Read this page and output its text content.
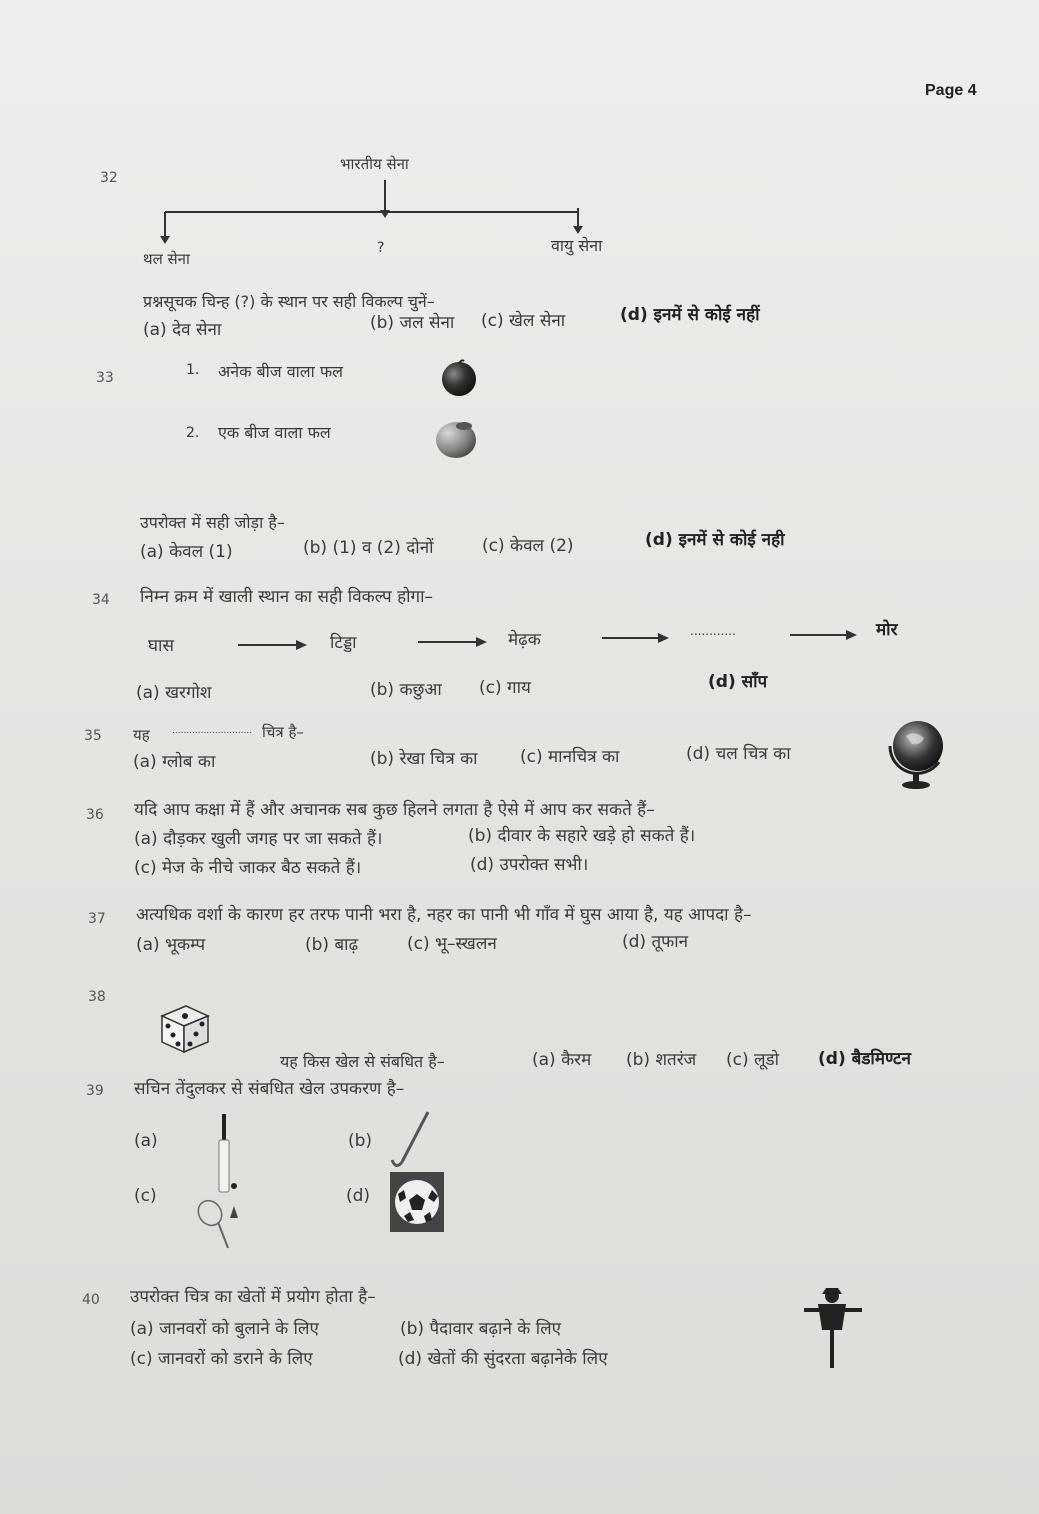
Page 4
32
भारतीय सेना
थल सेना
?	वायु सेना
प्रश्नसूचक चिन्ह (?) के स्थान पर सही विकल्प चुनें–
(a) देव सेना	(b) जल सेना (c) खेल सेना	(d) इनमें से कोई नहीं
33	1. अनेक बीज वाला फल
2. एक बीज वाला फल
उपरोक्त में सही जोड़ा है–
(a) केवल (1)	(b) (1) व (2) दोनों	(c) केवल (2)	(d) इनमें से कोई नही
34 निम्न क्रम में खाली स्थान का सही विकल्प होगा–
घास	टिड्डा	मेढ़क	............	मोर
(a) खरगोश	(b) कछुआ (c) गाय	(d) साँप
35 यह ............................ चित्र है–
(a) ग्लोब का	(b) रेखा चित्र का (c) मानचित्र का	(d) चल चित्र का
36 यदि आप कक्षा में हैं और अचानक सब कुछ हिलने लगता है ऐसे में आप कर सकते हैं–
(a) दौड़कर खुली जगह पर जा सकते हैं।	(b) दीवार के सहारे खड़े हो सकते हैं।
(c) मेज के नीचे जाकर बैठ सकते हैं।	(d) उपरोक्त सभी।
37 अत्यधिक वर्शा के कारण हर तरफ पानी भरा है, नहर का पानी भी गाँव में घुस आया है, यह आपदा है–
(a) भूकम्प	(b) बाढ़	(c) भू–स्खलन	(d) तूफान
38
यह किस खेल से संबधित है–	(a) कैरम (b) शतरंज (c) लूडो (d) बैडमिण्टन
39 सचिन तेंदुलकर से संबधित खेल उपकरण है–
(a)	(b)
(c)	(d)
40 उपरोक्त चित्र का खेतों में प्रयोग होता है–
(a) जानवरों को बुलाने के लिए	(b) पैदावार बढ़ाने के लिए
(c) जानवरों को डराने के लिए	(d) खेतों की सुंदरता बढ़ानेके लिए
